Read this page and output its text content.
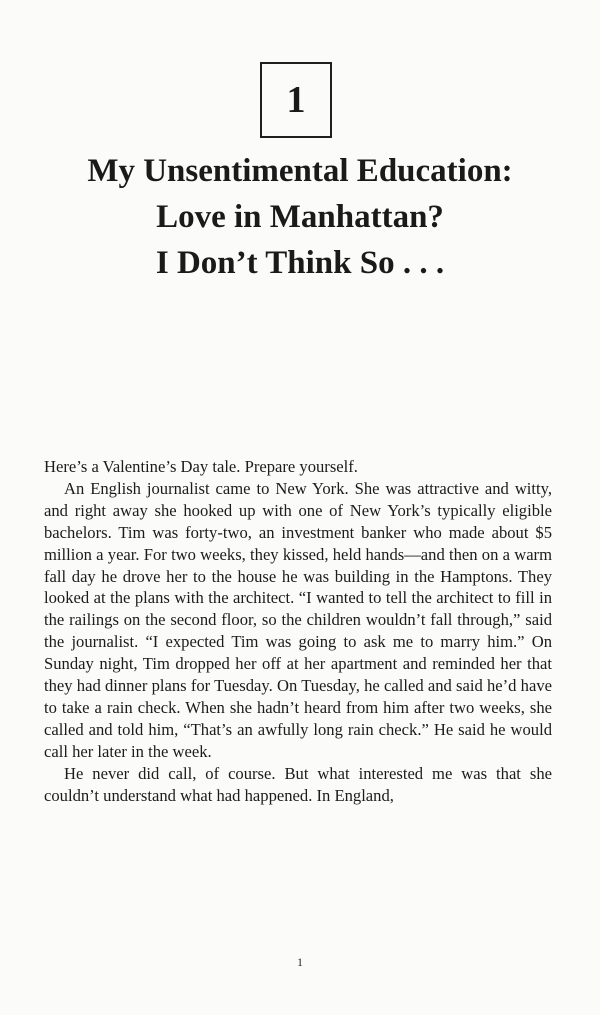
1
My Unsentimental Education:
Love in Manhattan?
I Don’t Think So . . .

Here’s a Valentine’s Day tale. Prepare yourself.

An English journalist came to New York. She was attractive and witty, and right away she hooked up with one of New York’s typically eligible bachelors. Tim was forty-two, an investment banker who made about $5 million a year. For two weeks, they kissed, held hands—and then on a warm fall day he drove her to the house he was building in the Hamptons. They looked at the plans with the architect. “I wanted to tell the architect to fill in the railings on the second floor, so the children wouldn’t fall through,” said the journalist. “I expected Tim was going to ask me to marry him.” On Sunday night, Tim dropped her off at her apartment and reminded her that they had dinner plans for Tuesday. On Tuesday, he called and said he’d have to take a rain check. When she hadn’t heard from him after two weeks, she called and told him, “That’s an awfully long rain check.” He said he would call her later in the week.

He never did call, of course. But what interested me was that she couldn’t understand what had happened. In England,

1
